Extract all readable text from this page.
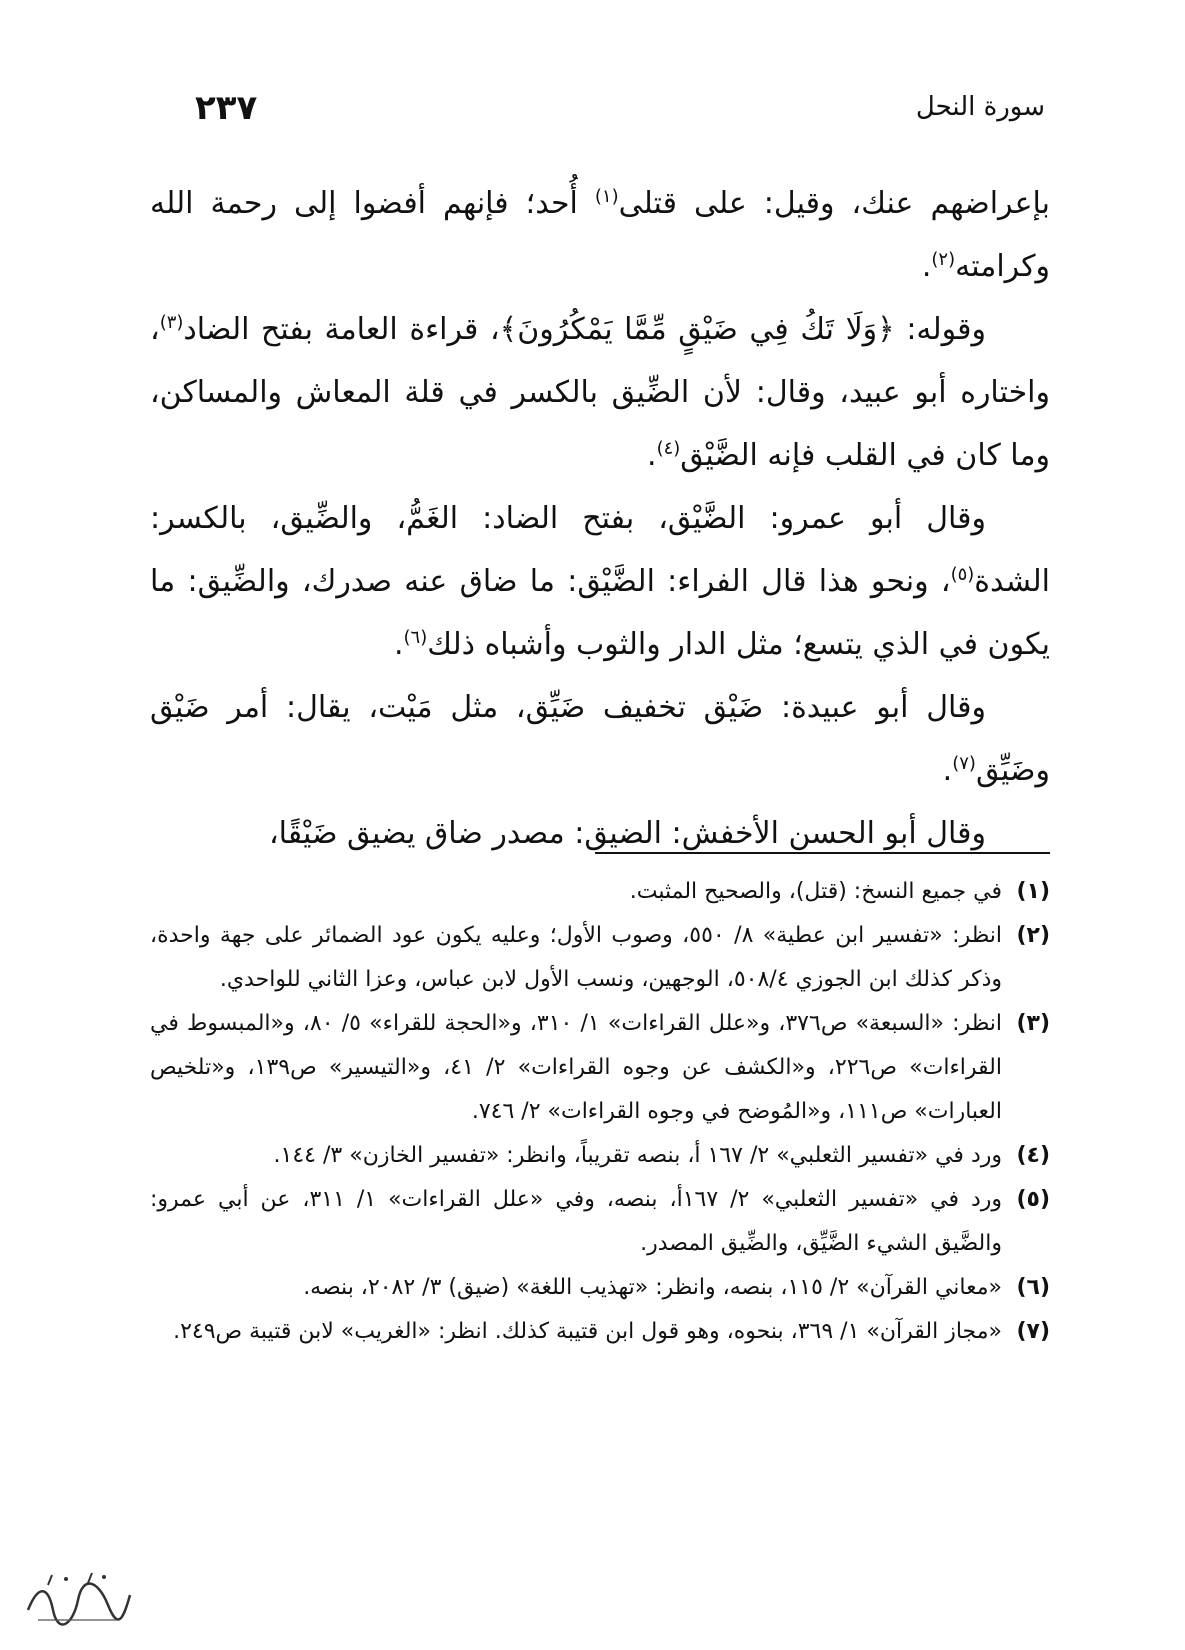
سورة النحل
٢٣٧

بإعراضهم عنك، وقيل: على قتلى$^{(١)}$ أُحد؛ فإنهم أفضوا إلى رحمة الله وكرامته$^{(٢)}$.

وقوله: ﴿وَلَا تَكُ فِي ضَيْقٍ مِّمَّا يَمْكُرُونَ﴾، قراءة العامة بفتح الضاد$^{(٣)}$، واختاره أبو عبيد، وقال: لأن الضِّيق بالكسر في قلة المعاش والمساكن، وما كان في القلب فإنه الضَّيْق$^{(٤)}$.

وقال أبو عمرو: الضَّيْق، بفتح الضاد: الغَمُّ، والضِّيق، بالكسر: الشدة$^{(٥)}$، ونحو هذا قال الفراء: الضَّيْق: ما ضاق عنه صدرك، والضِّيق: ما يكون في الذي يتسع؛ مثل الدار والثوب وأشباه ذلك$^{(٦)}$.

وقال أبو عبيدة: ضَيْق تخفيف ضَيِّق، مثل مَيْت، يقال: أمر ضَيْق وضَيِّق$^{(٧)}$.

وقال أبو الحسن الأخفش: الضيق: مصدر ضاق يضيق ضَيْقًا،

(١)
في جميع النسخ: (قتل)، والصحيح المثبت.
(٢)
انظر: «تفسير ابن عطية» ٨/ ٥٥٠، وصوب الأول؛ وعليه يكون عود الضمائر على جهة واحدة، وذكر كذلك ابن الجوزي ٥٠٨/٤، الوجهين، ونسب الأول لابن عباس، وعزا الثاني للواحدي.
(٣)
انظر: «السبعة» ص٣٧٦، و«علل القراءات» ١/ ٣١٠، و«الحجة للقراء» ٥/ ٨٠، و«المبسوط في القراءات» ص٢٢٦، و«الكشف عن وجوه القراءات» ٢/ ٤١، و«التيسير» ص١٣٩، و«تلخيص العبارات» ص١١١، و«المُوضح في وجوه القراءات» ٢/ ٧٤٦.
(٤)
ورد في «تفسير الثعلبي» ٢/ ١٦٧ أ، بنصه تقريباً، وانظر: «تفسير الخازن» ٣/ ١٤٤.
(٥)
ورد في «تفسير الثعلبي» ٢/ ١٦٧أ، بنصه، وفي «علل القراءات» ١/ ٣١١، عن أبي عمرو: والضَّيق الشيء الضَّيِّق، والضِّيق المصدر.
(٦)
«معاني القرآن» ٢/ ١١٥، بنصه، وانظر: «تهذيب اللغة» (ضيق) ٣/ ٢٠٨٢، بنصه.
(٧)
«مجاز القرآن» ١/ ٣٦٩، بنحوه، وهو قول ابن قتيبة كذلك. انظر: «الغريب» لابن قتيبة ص٢٤٩.
